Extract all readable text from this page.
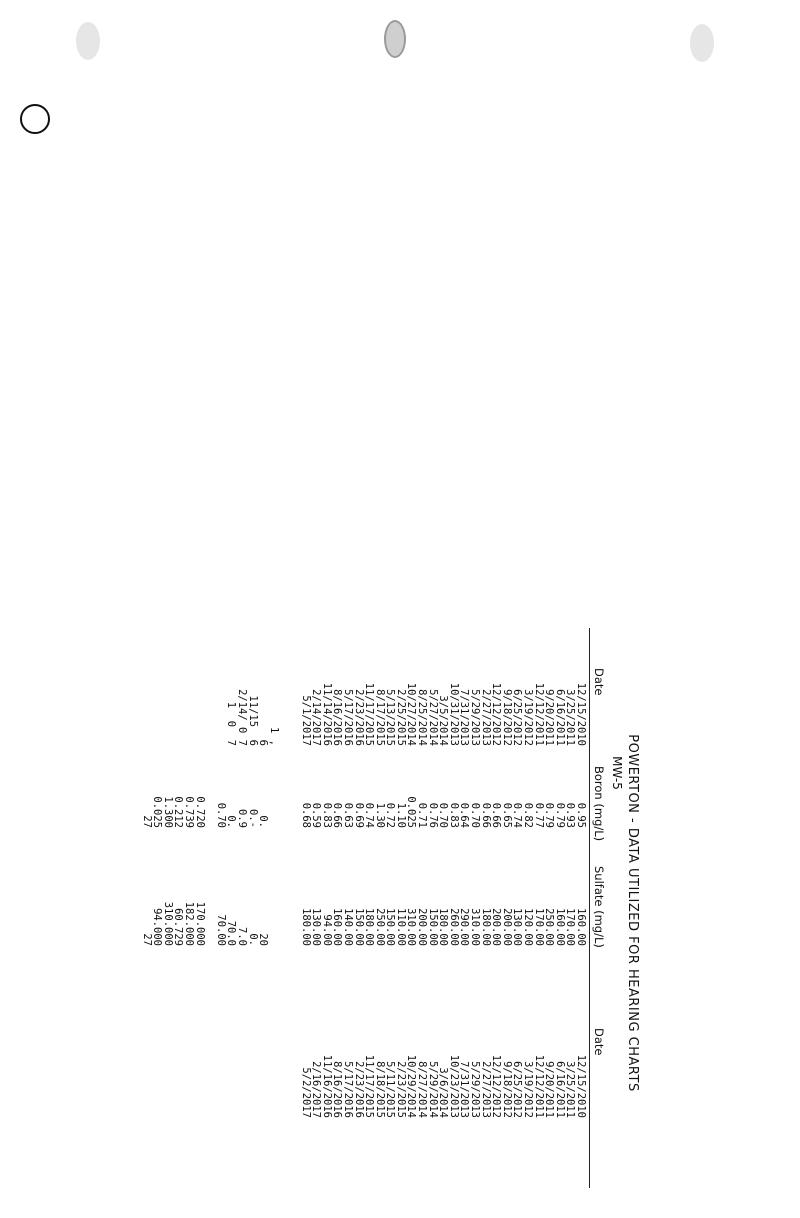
POWERTON - DATA UTILIZED FOR HEARING CHARTS
MW-5
Date
Boron (mg/L)
Sulfate (mg/L)
Date
12/15/2010
3/25/2011
6/16/2011
9/20/2011
12/12/2011
3/19/2012
6/25/2012
9/18/2012
12/12/2012
2/27/2013
5/29/2013
7/31/2013
10/31/2013
3/5/2014
5/27/2014
8/25/2014
10/27/2014
2/25/2015
5/13/2015
8/17/2015
11/17/2015
2/23/2016
5/17/2016
8/16/2016
11/14/2016
2/14/2017
5/1/2017
1 ,
6
11/15  6
2/14/ 0 7
1  0  7
0.95
0.93
0.79
0.79
0.77
0.82
0.74
0.65
0.66
0.66
0.70
0.64
0.83
0.70
0.76
0.71
0.025
1.10
0.72
1.30
0.74
0.69
0.63
0.66
0.83
0.59
0.68
0.
0.-
0.9
0.
0.70
0.720
0.739
0.212
1.300
0.025
27
160.00
170.00
160.00
250.00
170.00
120.00
130.00
200.00
200.00
180.00
310.00
290.00
260.00
180.00
150.00
200.00
310.00
110.00
150.00
250.00
180.00
150.00
140.00
160.00
94.00
130.00
180.00
20
0.
7.0
70.0
70.00
170.000
182.000
60.729
310.000
94.000
27
12/15/2010
3/25/2011
6/16/2011
9/20/2011
12/12/2011
3/19/2012
6/25/2012
9/18/2012
12/12/2012
2/27/2013
5/29/2013
7/31/2013
10/23/2013
3/6/2014
5/29/2014
8/27/2014
10/29/2014
2/23/2015
5/11/2015
8/18/2015
11/17/2015
2/23/2016
5/17/2016
8/16/2016
11/16/2016
2/16/2017
5/2/2017
